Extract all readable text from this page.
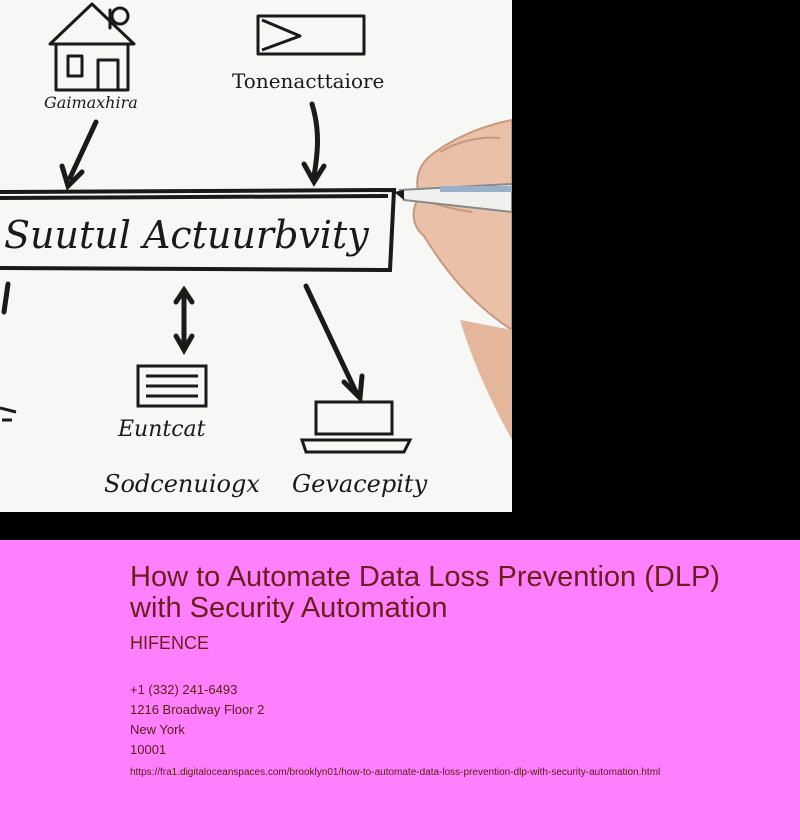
Gaimaxhira
Tonenacttaiore
Suutul Actuurbvity
Euntcat
Sodcenuiogx Gevacepity
How to Automate Data Loss Prevention (DLP) with Security Automation
HIFENCE
+1 (332) 241-6493
1216 Broadway Floor 2
New York
10001
https://fra1.digitaloceanspaces.com/brooklyn01/how-to-automate-data-loss-prevention-dlp-with-security-automation.html
